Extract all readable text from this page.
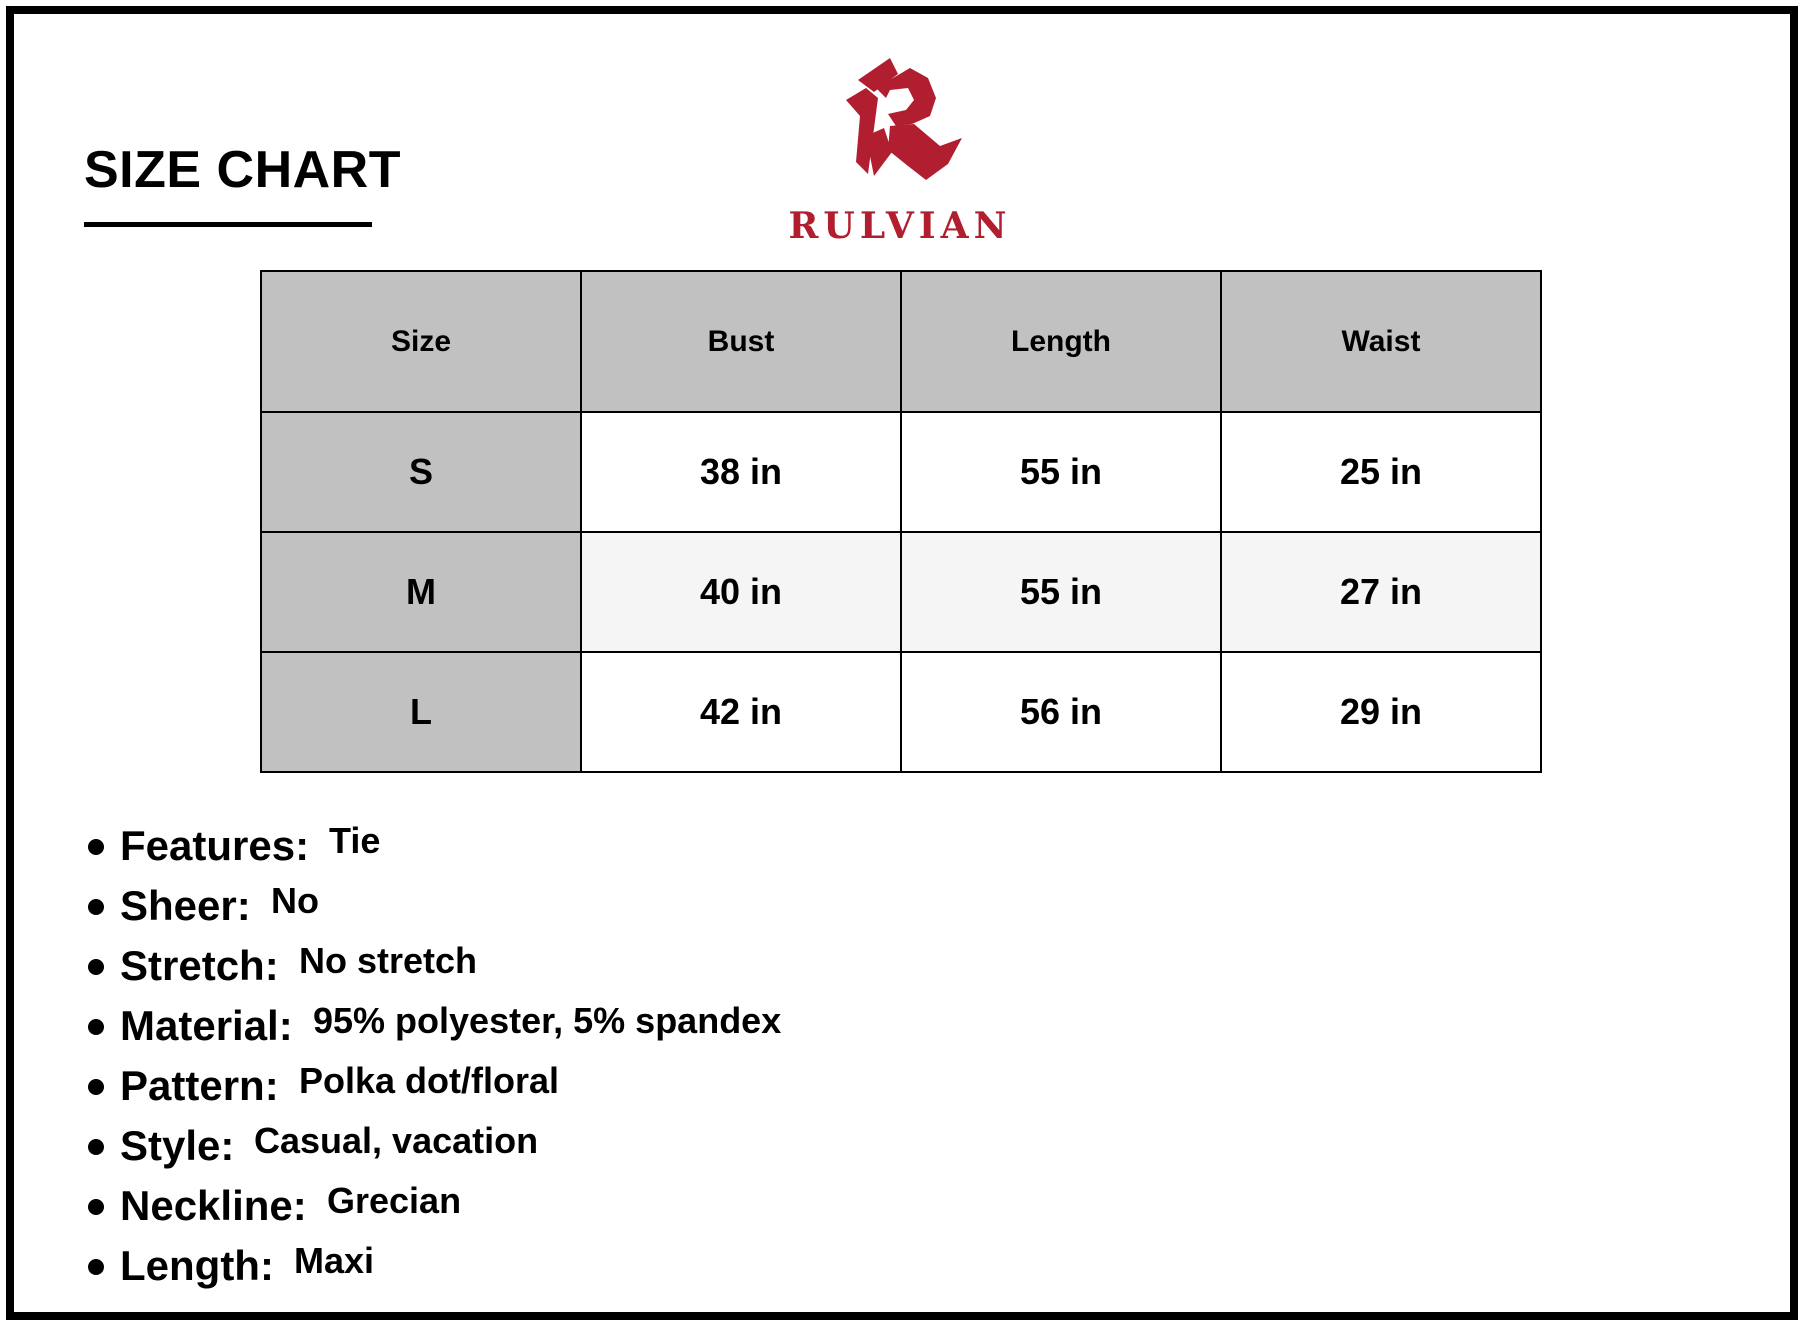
SIZE CHART
RULVIAN
Size	Bust	Length	Waist
S	38 in	55 in	25 in
M	40 in	55 in	27 in
L	42 in	56 in	29 in
Features: Tie
Sheer: No
Stretch: No stretch
Material: 95% polyester, 5% spandex
Pattern: Polka dot/floral
Style: Casual, vacation
Neckline: Grecian
Length: Maxi
